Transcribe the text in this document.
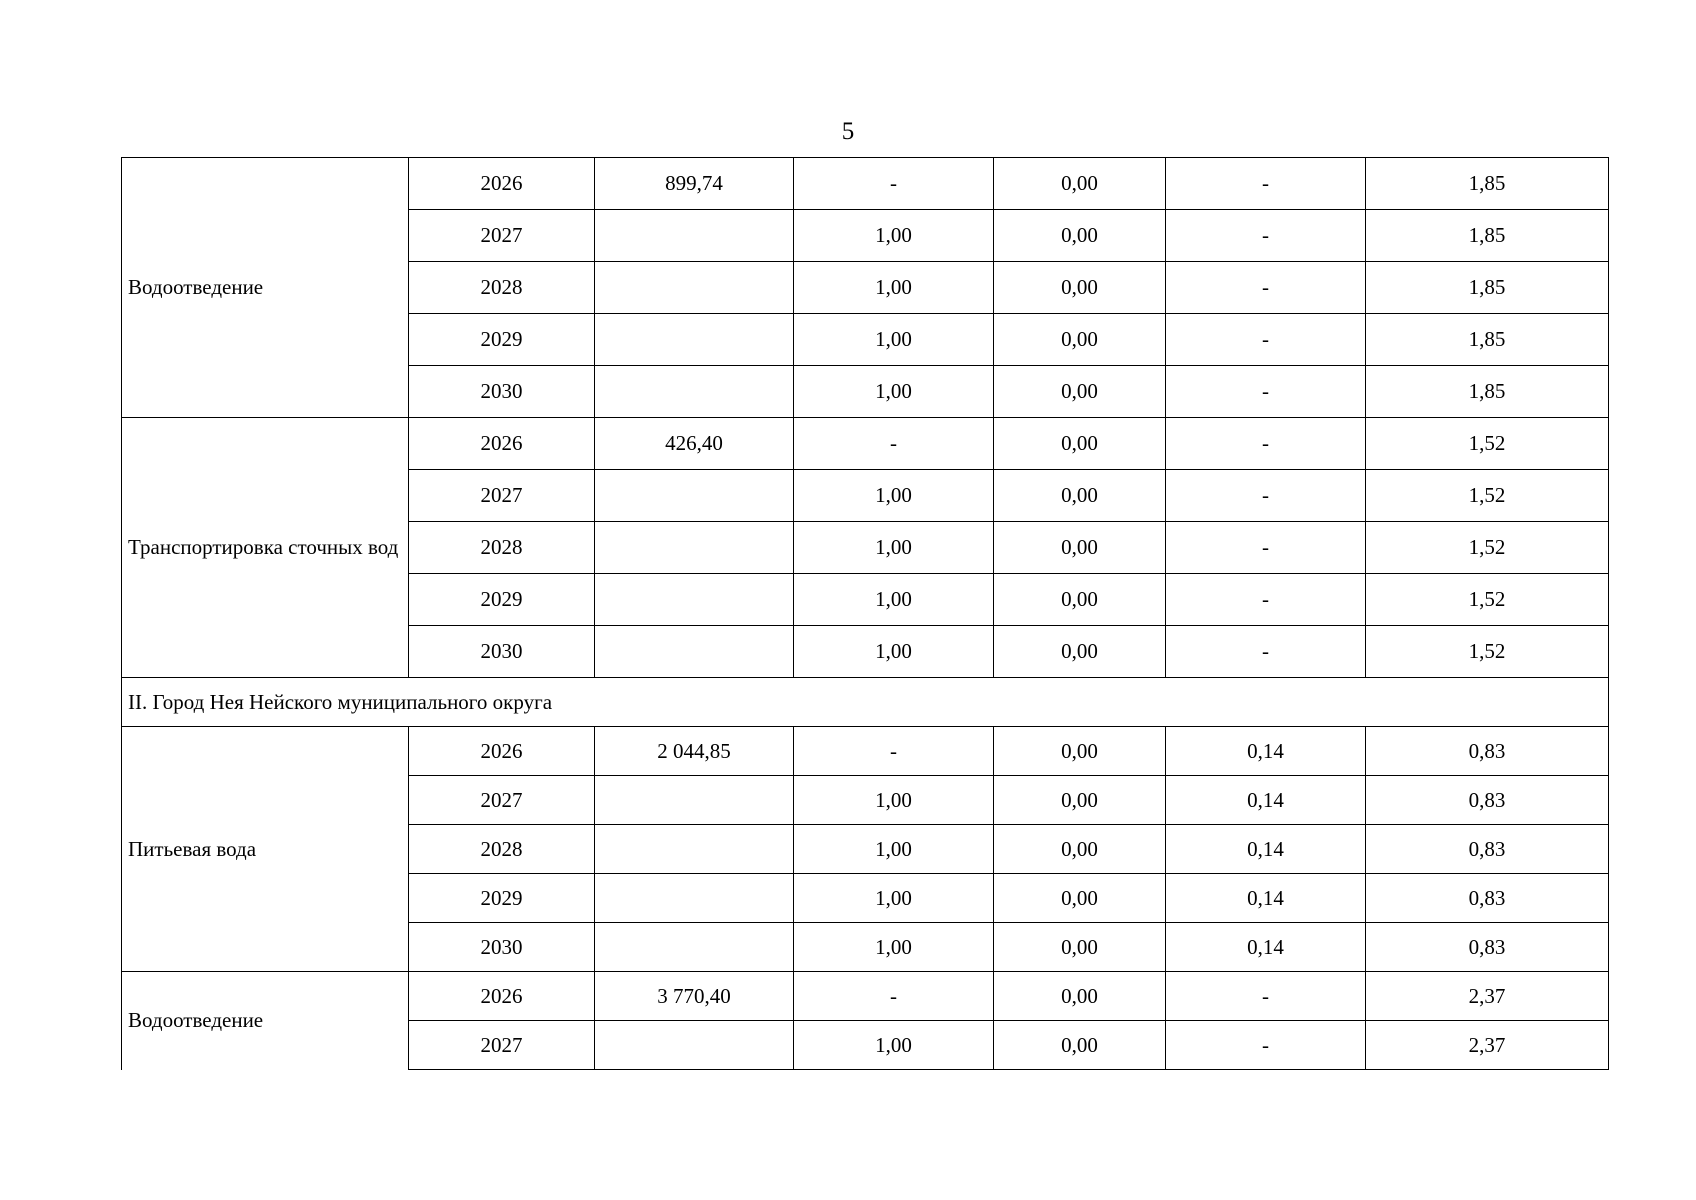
5
Водоотведение	2026	899,74	-	0,00	-	1,85
	2027		1,00	0,00	-	1,85
	2028		1,00	0,00	-	1,85
	2029		1,00	0,00	-	1,85
	2030		1,00	0,00	-	1,85
Транспортировка сточных вод	2026	426,40	-	0,00	-	1,52
	2027		1,00	0,00	-	1,52
	2028		1,00	0,00	-	1,52
	2029		1,00	0,00	-	1,52
	2030		1,00	0,00	-	1,52
II. Город Нея Нейского муниципального округа						
Питьевая вода	2026	2 044,85	-	0,00	0,14	0,83
	2027		1,00	0,00	0,14	0,83
	2028		1,00	0,00	0,14	0,83
	2029		1,00	0,00	0,14	0,83
	2030		1,00	0,00	0,14	0,83
Водоотведение	2026	3 770,40	-	0,00	-	2,37
	2027		1,00	0,00	-	2,37
